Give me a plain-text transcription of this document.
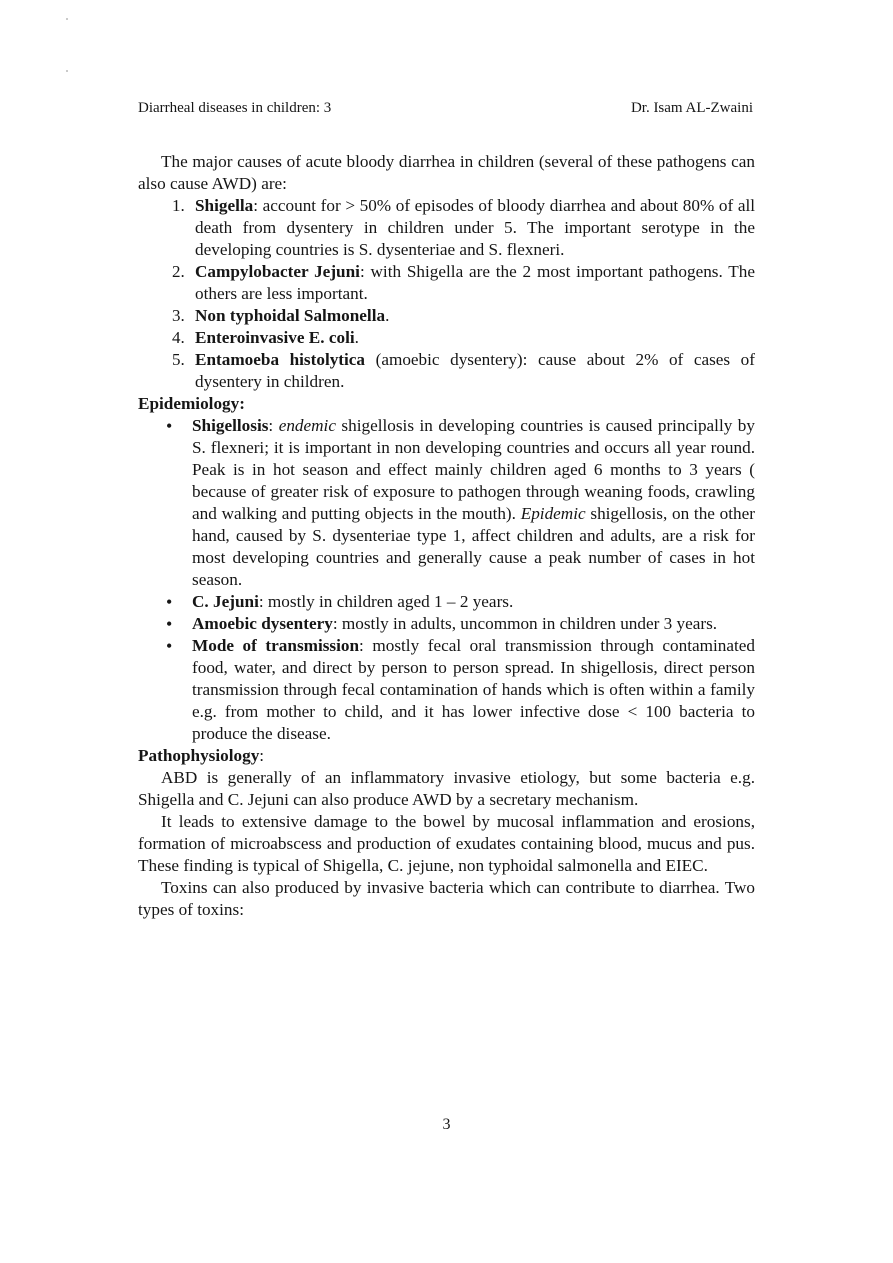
Diarrheal diseases in children: 3	Dr. Isam AL-Zwaini

The major causes of acute bloody diarrhea in children (several of these pathogens can also cause AWD) are:

1. Shigella: account for > 50% of episodes of bloody diarrhea and about 80% of all death from dysentery in children under 5. The important serotype in the developing countries is S. dysenteriae and S. flexneri.
2. Campylobacter Jejuni: with Shigella are the 2 most important pathogens. The others are less important.
3. Non typhoidal Salmonella.
4. Enteroinvasive E. coli.
5. Entamoeba histolytica (amoebic dysentery): cause about 2% of cases of dysentery in children.
Epidemiology:
• Shigellosis: endemic shigellosis in developing countries is caused principally by S. flexneri; it is important in non developing countries and occurs all year round. Peak is in hot season and effect mainly children aged 6 months to 3 years ( because of greater risk of exposure to pathogen through weaning foods, crawling and walking and putting objects in the mouth). Epidemic shigellosis, on the other hand, caused by S. dysenteriae type 1, affect children and adults, are a risk for most developing countries and generally cause a peak number of cases in hot season.
• C. Jejuni: mostly in children aged 1 – 2 years.
• Amoebic dysentery: mostly in adults, uncommon in children under 3 years.
• Mode of transmission: mostly fecal oral transmission through contaminated food, water, and direct by person to person spread. In shigellosis, direct person transmission through fecal contamination of hands which is often within a family e.g. from mother to child, and it has lower infective dose < 100 bacteria to produce the disease.
Pathophysiology:

ABD is generally of an inflammatory invasive etiology, but some bacteria e.g. Shigella and C. Jejuni can also produce AWD by a secretary mechanism.

It leads to extensive damage to the bowel by mucosal inflammation and erosions, formation of microabscess and production of exudates containing blood, mucus and pus. These finding is typical of Shigella, C. jejune, non typhoidal salmonella and EIEC.

Toxins can also produced by invasive bacteria which can contribute to diarrhea. Two types of toxins:

3
